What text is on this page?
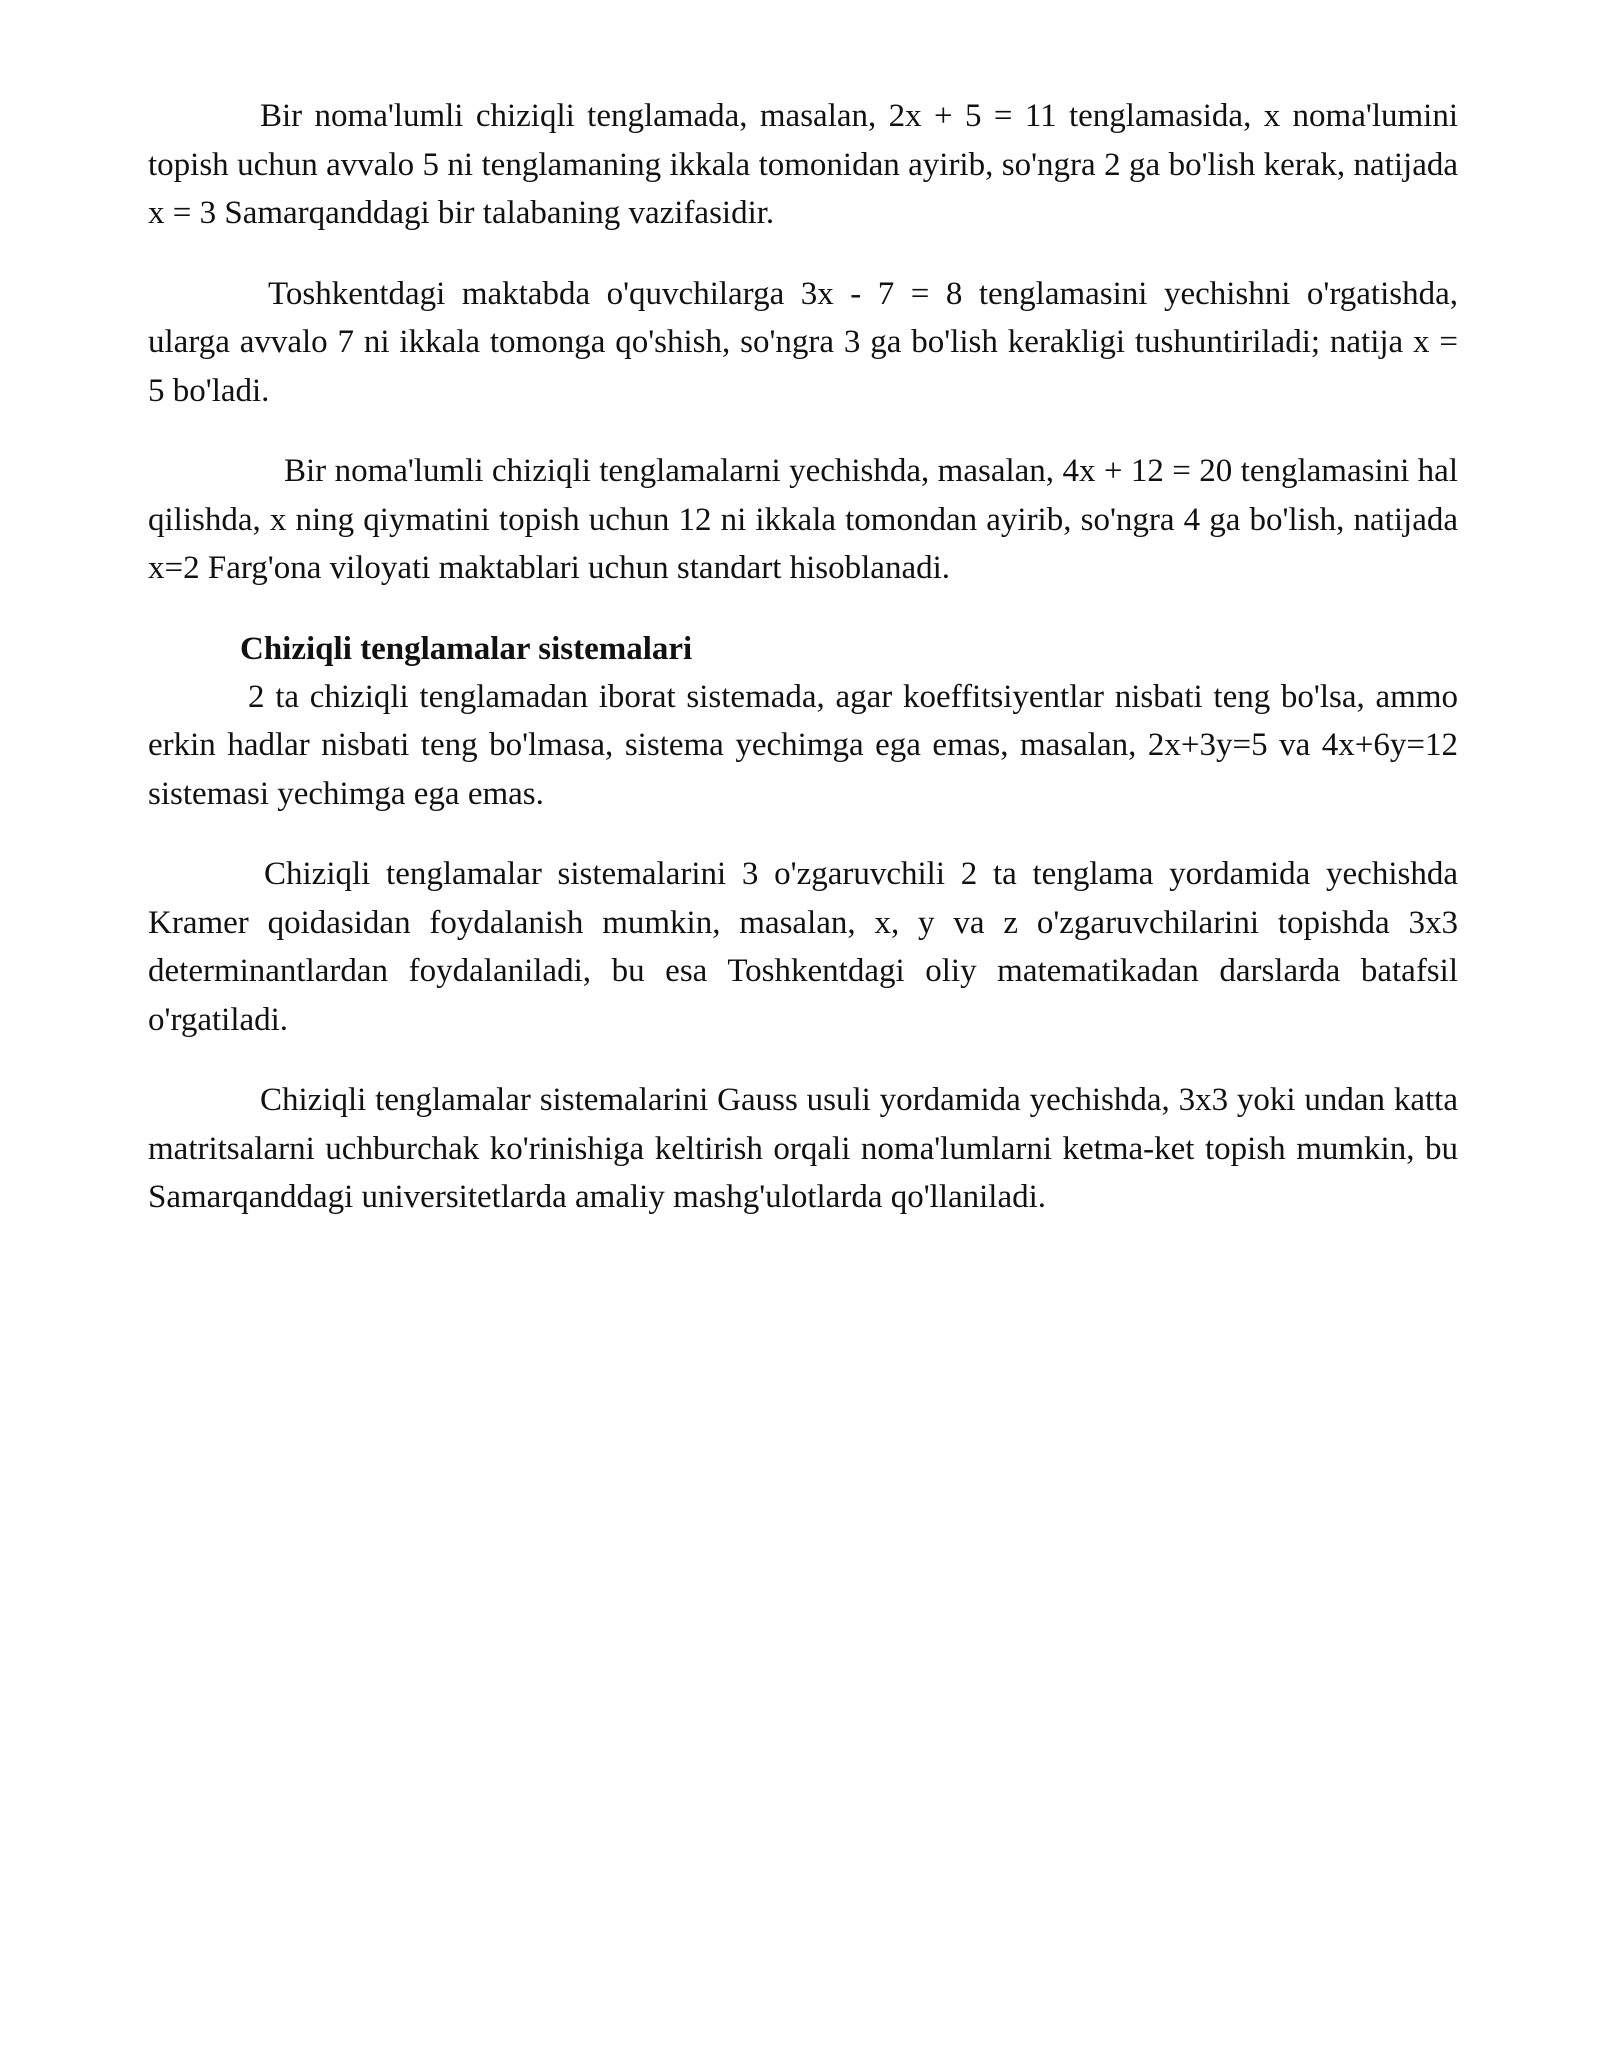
Bir noma'lumli chiziqli tenglamada, masalan, 2x + 5 = 11 tenglamasida, x noma'lumini topish uchun avvalo 5 ni tenglamaning ikkala tomonidan ayirib, so'ngra 2 ga bo'lish kerak, natijada x = 3 Samarqanddagi bir talabaning vazifasidir.

Toshkentdagi maktabda o'quvchilarga 3x - 7 = 8 tenglamasini yechishni o'rgatishda, ularga avvalo 7 ni ikkala tomonga qo'shish, so'ngra 3 ga bo'lish kerakligi tushuntiriladi; natija x = 5 bo'ladi.

Bir noma'lumli chiziqli tenglamalarni yechishda, masalan, 4x + 12 = 20 tenglamasini hal qilishda, x ning qiymatini topish uchun 12 ni ikkala tomondan ayirib, so'ngra 4 ga bo'lish, natijada x=2 Farg'ona viloyati maktablari uchun standart hisoblanadi.

Chiziqli tenglamalar sistemalari

2 ta chiziqli tenglamadan iborat sistemada, agar koeffitsiyentlar nisbati teng bo'lsa, ammo erkin hadlar nisbati teng bo'lmasa, sistema yechimga ega emas, masalan, 2x+3y=5 va 4x+6y=12 sistemasi yechimga ega emas.

Chiziqli tenglamalar sistemalarini 3 o'zgaruvchili 2 ta tenglama yordamida yechishda Kramer qoidasidan foydalanish mumkin, masalan, x, y va z o'zgaruvchilarini topishda 3x3 determinantlardan foydalaniladi, bu esa Toshkentdagi oliy matematikadan darslarda batafsil o'rgatiladi.

Chiziqli tenglamalar sistemalarini Gauss usuli yordamida yechishda, 3x3 yoki undan katta matritsalarni uchburchak ko'rinishiga keltirish orqali noma'lumlarni ketma-ket topish mumkin, bu Samarqanddagi universitetlarda amaliy mashg'ulotlarda qo'llaniladi.
